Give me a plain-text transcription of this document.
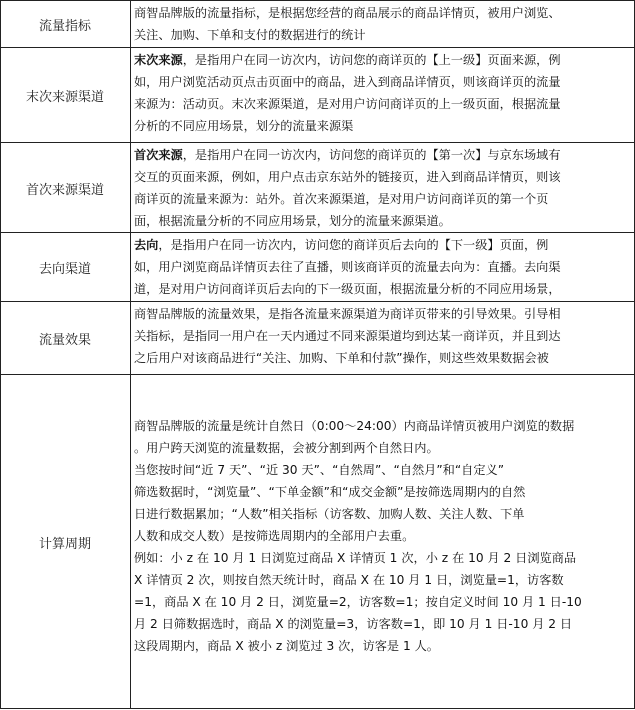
流量指标
商智品牌版的流量指标，是根据您经营的商品展示的商品详情页，被用户浏览、
关注、加购、下单和支付的数据进行的统计
末次来源渠道
末次来源，是指用户在同一访次内，访问您的商详页的【上一级】页面来源，例
如，用户浏览活动页点击页面中的商品，进入到商品详情页，则该商详页的流量
来源为：活动页。末次来源渠道，是对用户访问商详页的上一级页面，根据流量
分析的不同应用场景，划分的流量来源渠
首次来源渠道
首次来源，是指用户在同一访次内，访问您的商详页的【第一次】与京东场域有
交互的页面来源，例如，用户点击京东站外的链接页，进入到商品详情页，则该
商详页的流量来源为：站外。首次来源渠道，是对用户访问商详页的第一个页
面，根据流量分析的不同应用场景，划分的流量来源渠道。
去向渠道
去向，是指用户在同一访次内，访问您的商详页后去向的【下一级】页面，例
如，用户浏览商品详情页去往了直播，则该商详页的流量去向为：直播。去向渠
道，是对用户访问商详页后去向的下一级页面，根据流量分析的不同应用场景，
流量效果
商智品牌版的流量效果，是指各流量来源渠道为商详页带来的引导效果。引导相
关指标，是指同一用户在一天内通过不同来源渠道均到达某一商详页，并且到达
之后用户对该商品进行“关注、加购、下单和付款”操作，则这些效果数据会被
计算周期
商智品牌版的流量是统计自然日（0:00～24:00）内商品详情页被用户浏览的数据
。用户跨天浏览的流量数据，会被分割到两个自然日内。
当您按时间“近 7 天”、“近 30 天”、“自然周”、“自然月”和“自定义”
筛选数据时，“浏览量”、“下单金额”和“成交金额”是按筛选周期内的自然
日进行数据累加；“人数”相关指标（访客数、加购人数、关注人数、下单
人数和成交人数）是按筛选周期内的全部用户去重。
例如：小 z 在 10 月 1 日浏览过商品 X 详情页 1 次，小 z 在 10 月 2 日浏览商品
X 详情页 2 次，则按自然天统计时，商品 X 在 10 月 1 日，浏览量=1，访客数
=1，商品 X 在 10 月 2 日，浏览量=2，访客数=1；按自定义时间 10 月 1 日-10
月 2 日筛数据选时，商品 X 的浏览量=3，访客数=1，即 10 月 1 日-10 月 2 日
这段周期内，商品 X 被小 z 浏览过 3 次，访客是 1 人。
